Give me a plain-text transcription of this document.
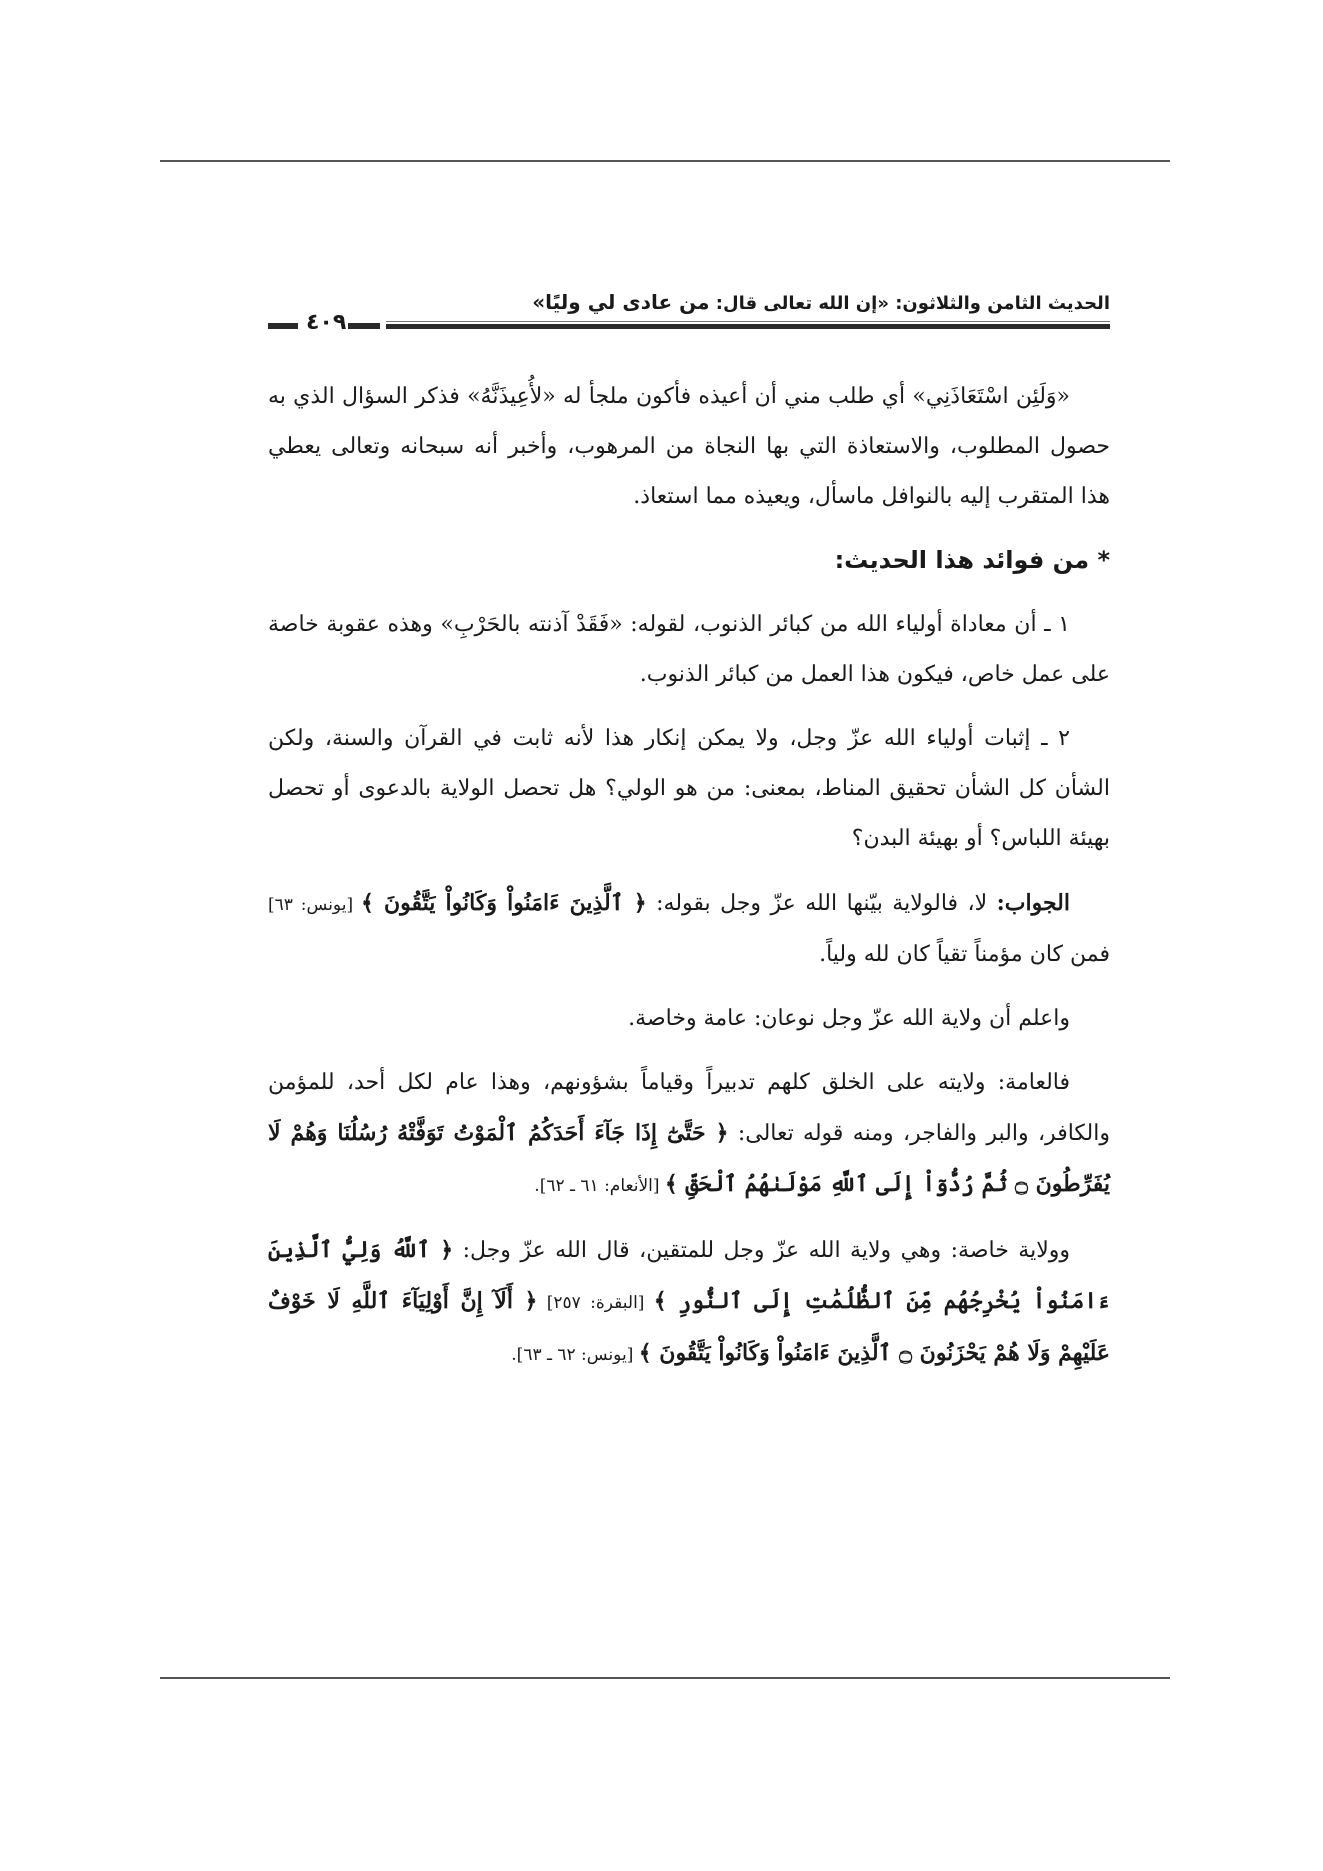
الحديث الثامن والثلاثون: «إن الله تعالى قال: من عادى لي وليًا»
٤٠٩

«وَلَئِن اسْتَعَاذَنِي» أي طلب مني أن أعيذه فأكون ملجأ له «لأُعِيذَنَّهُ» فذكر السؤال الذي به حصول المطلوب، والاستعاذة التي بها النجاة من المرهوب، وأخبر أنه سبحانه وتعالى يعطي هذا المتقرب إليه بالنوافل ماسأل، ويعيذه مما استعاذ.

* من فوائد هذا الحديث:

١ ـ أن معاداة أولياء الله من كبائر الذنوب، لقوله: «فَقَدْ آذنته بالحَرْبِ» وهذه عقوبة خاصة على عمل خاص، فيكون هذا العمل من كبائر الذنوب.

٢ ـ إثبات أولياء الله عزّ وجل، ولا يمكن إنكار هذا لأنه ثابت في القرآن والسنة، ولكن الشأن كل الشأن تحقيق المناط، بمعنى: من هو الولي؟ هل تحصل الولاية بالدعوى أو تحصل بهيئة اللباس؟ أو بهيئة البدن؟

الجواب: لا، فالولاية بيّنها الله عزّ وجل بقوله: ﴿ ٱلَّذِينَ ءَامَنُواْ وَكَانُواْ يَتَّقُونَ ﴾ [يونس: ٦٣] فمن كان مؤمناً تقياً كان لله ولياً.

واعلم أن ولاية الله عزّ وجل نوعان: عامة وخاصة.

فالعامة: ولايته على الخلق كلهم تدبيراً وقياماً بشؤونهم، وهذا عام لكل أحد، للمؤمن والكافر، والبر والفاجر، ومنه قوله تعالى: ﴿ حَتَّىٰٓ إِذَا جَآءَ أَحَدَكُمُ ٱلْمَوْتُ تَوَفَّتْهُ رُسُلُنَا وَهُمْ لَا يُفَرِّطُونَ ۝ ثُمَّ رُدُّوٓاْ إِلَى ٱللَّهِ مَوْلَىٰهُمُ ٱلْحَقِّ ﴾ [الأنعام: ٦١ ـ ٦٢].

وولاية خاصة: وهي ولاية الله عزّ وجل للمتقين، قال الله عزّ وجل: ﴿ ٱللَّهُ وَلِيُّ ٱلَّذِينَ ءَامَنُواْ يُخْرِجُهُم مِّنَ ٱلظُّلُمَٰتِ إِلَى ٱلنُّورِ ﴾ [البقرة: ٢٥٧] ﴿ أَلَآ إِنَّ أَوْلِيَآءَ ٱللَّهِ لَا خَوْفٌ عَلَيْهِمْ وَلَا هُمْ يَحْزَنُونَ ۝ ٱلَّذِينَ ءَامَنُواْ وَكَانُواْ يَتَّقُونَ ﴾ [يونس: ٦٢ ـ ٦٣].
